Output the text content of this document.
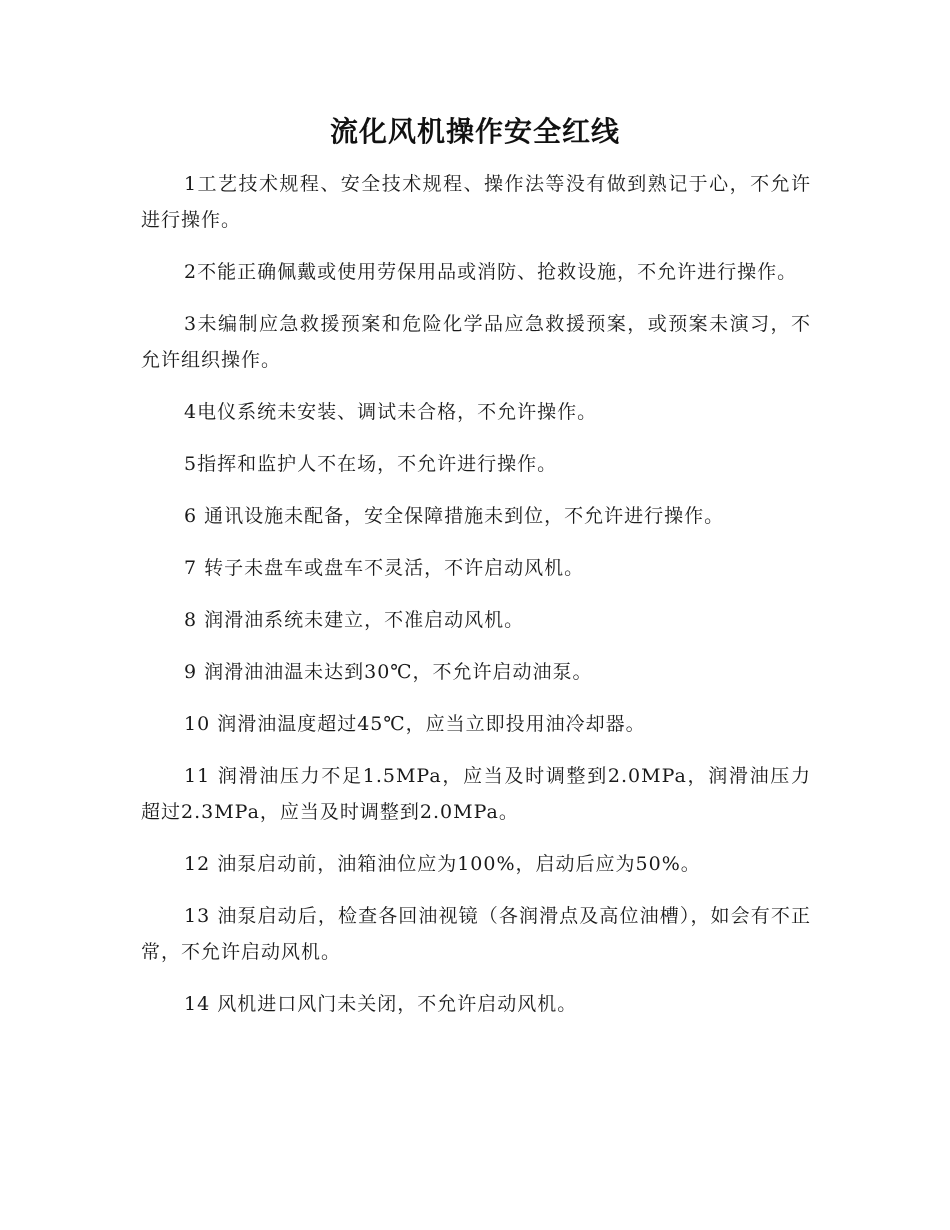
流化风机操作安全红线

1工艺技术规程、安全技术规程、操作法等没有做到熟记于心，不允许进行操作。

2不能正确佩戴或使用劳保用品或消防、抢救设施，不允许进行操作。

3未编制应急救援预案和危险化学品应急救援预案，或预案未演习，不允许组织操作。

4电仪系统未安装、调试未合格，不允许操作。

5指挥和监护人不在场，不允许进行操作。

6 通讯设施未配备，安全保障措施未到位，不允许进行操作。

7 转子未盘车或盘车不灵活，不许启动风机。

8 润滑油系统未建立，不准启动风机。

9 润滑油油温未达到30℃，不允许启动油泵。

10 润滑油温度超过45℃，应当立即投用油冷却器。

11 润滑油压力不足1.5MPa，应当及时调整到2.0MPa，润滑油压力超过2.3MPa，应当及时调整到2.0MPa。

12 油泵启动前，油箱油位应为100%，启动后应为50%。

13 油泵启动后，检查各回油视镜（各润滑点及高位油槽），如会有不正常，不允许启动风机。

14 风机进口风门未关闭，不允许启动风机。
